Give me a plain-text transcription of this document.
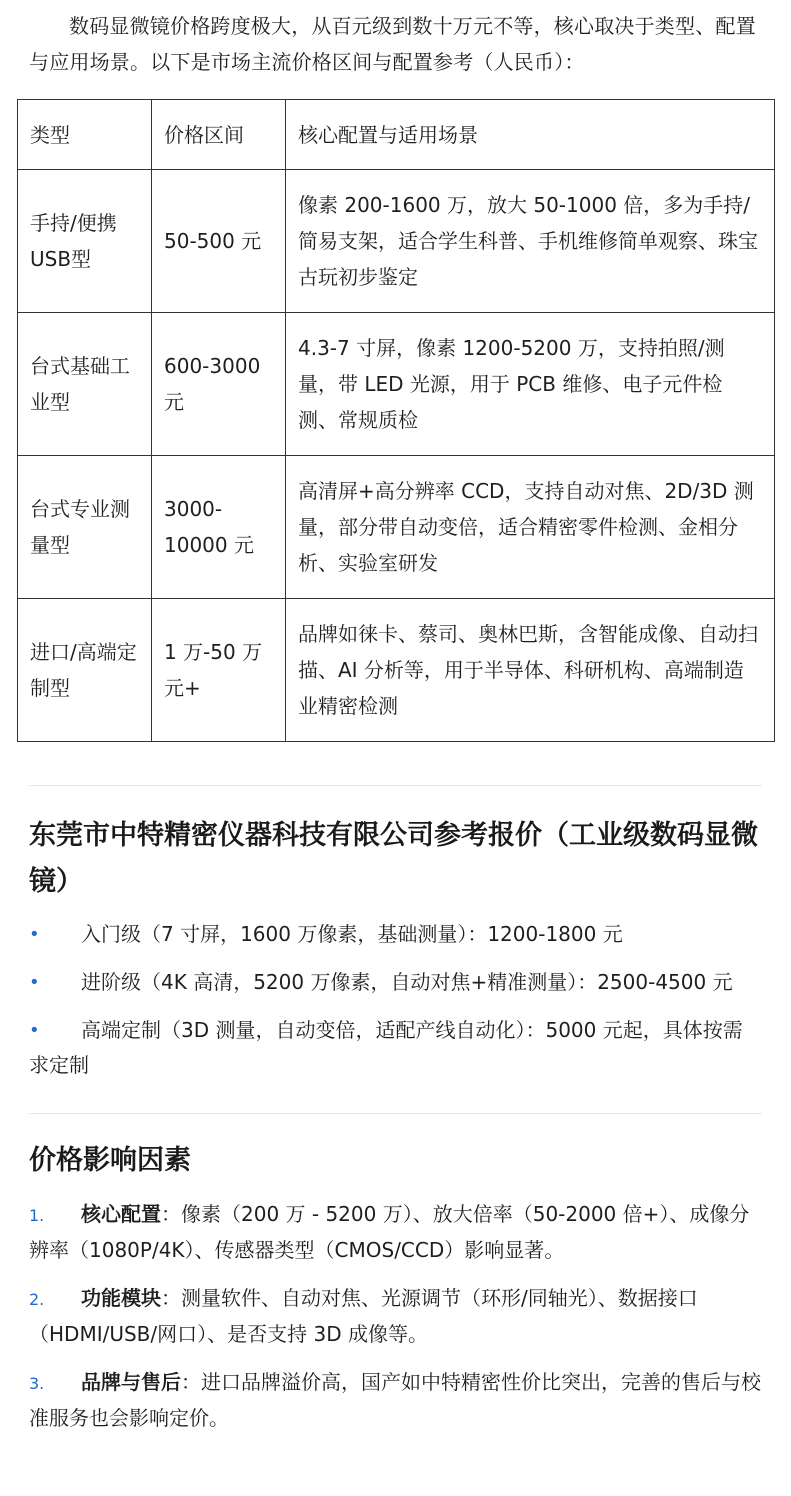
数码显微镜价格跨度极大，从百元级到数十万元不等，核心取决于类型、配置与应用场景。以下是市场主流价格区间与配置参考（人民币）：

类型	价格区间	核心配置与适用场景
手持/便携USB型	50-500 元	像素 200-1600 万，放大 50-1000 倍，多为手持/简易支架，适合学生科普、手机维修简单观察、珠宝古玩初步鉴定
台式基础工业型	600-3000 元	4.3-7 寸屏，像素 1200-5200 万，支持拍照/测量，带 LED 光源，用于 PCB 维修、电子元件检测、常规质检
台式专业测量型	3000-10000 元	高清屏+高分辨率 CCD，支持自动对焦、2D/3D 测量，部分带自动变倍，适合精密零件检测、金相分析、实验室研发
进口/高端定制型	1 万-50 万元+	品牌如徕卡、蔡司、奥林巴斯，含智能成像、自动扫描、AI 分析等，用于半导体、科研机构、高端制造业精密检测
东莞市中特精密仪器科技有限公司参考报价（工业级数码显微镜）
• 入门级（7 寸屏，1600 万像素，基础测量）：1200-1800 元
• 进阶级（4K 高清，5200 万像素，自动对焦+精准测量）：2500-4500 元
• 高端定制（3D 测量，自动变倍，适配产线自动化）：5000 元起，具体按需求定制
价格影响因素
1. 核心配置：像素（200 万 - 5200 万）、放大倍率（50-2000 倍+）、成像分辨率（1080P/4K）、传感器类型（CMOS/CCD）影响显著。
2. 功能模块：测量软件、自动对焦、光源调节（环形/同轴光）、数据接口（HDMI/USB/网口）、是否支持 3D 成像等。
3. 品牌与售后：进口品牌溢价高，国产如中特精密性价比突出，完善的售后与校准服务也会影响定价。
